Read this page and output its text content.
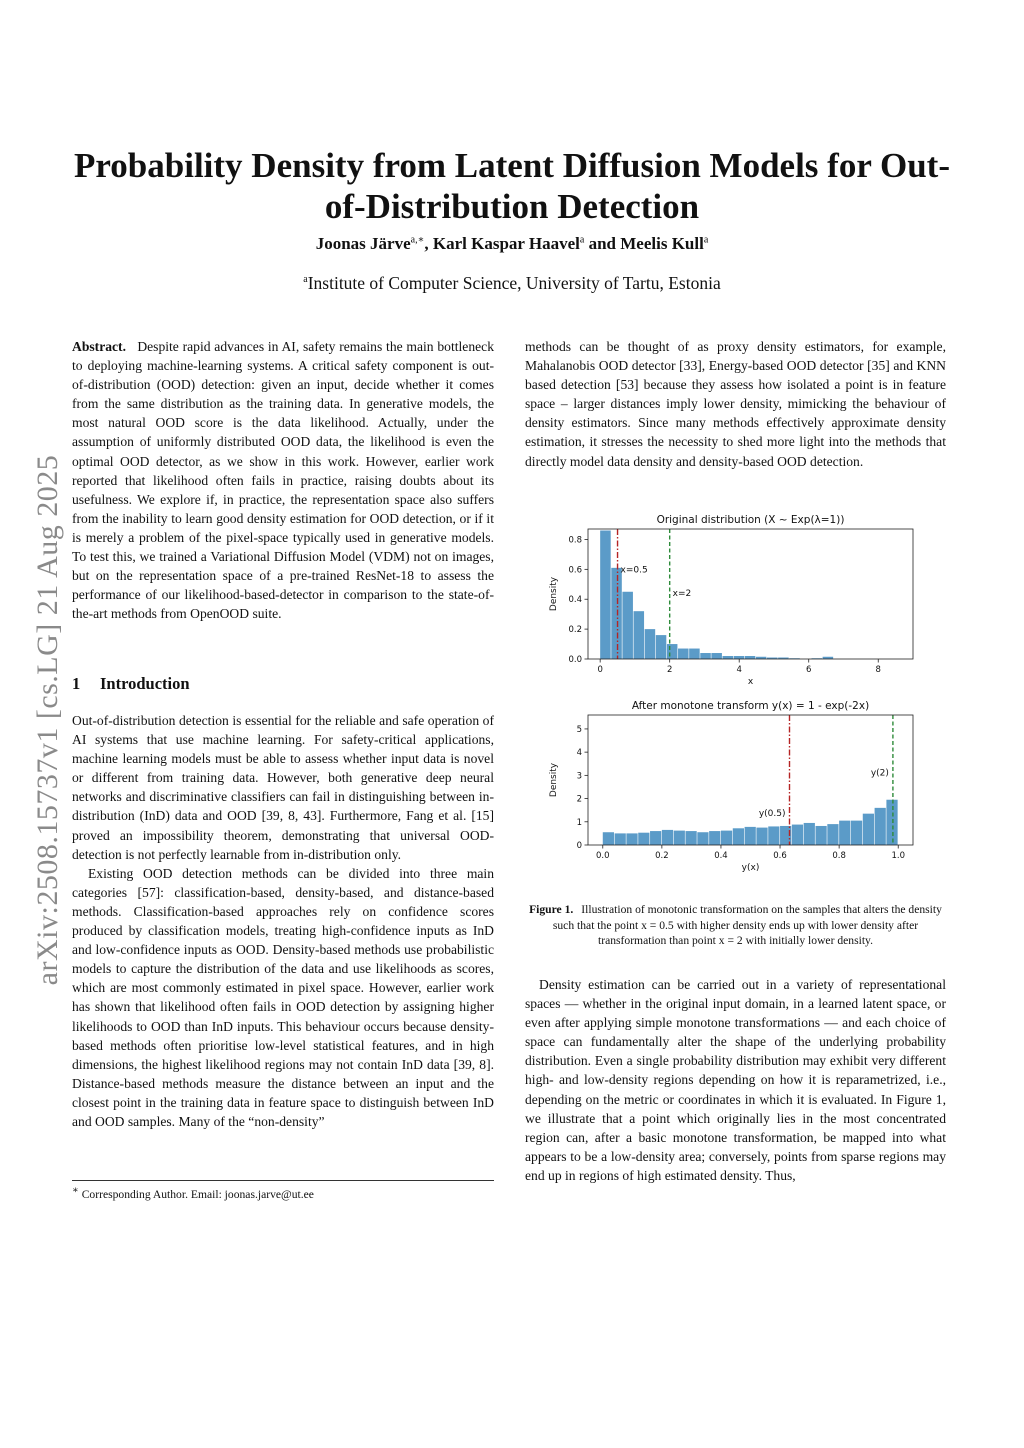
arXiv:2508.15737v1 [cs.LG] 21 Aug 2025
Probability Density from Latent Diffusion Models for Out-of-Distribution Detection
Joonas Järve$^{a,∗}$, Karl Kaspar Haavel$^a$ and Meelis Kull$^a$
$^a$Institute of Computer Science, University of Tartu, Estonia

Abstract. Despite rapid advances in AI, safety remains the main bottleneck to deploying machine-learning systems. A critical safety component is out-of-distribution (OOD) detection: given an input, decide whether it comes from the same distribution as the training data. In generative models, the most natural OOD score is the data likelihood. Actually, under the assumption of uniformly distributed OOD data, the likelihood is even the optimal OOD detector, as we show in this work. However, earlier work reported that likelihood often fails in practice, raising doubts about its usefulness. We explore if, in practice, the representation space also suffers from the inability to learn good density estimation for OOD detection, or if it is merely a problem of the pixel-space typically used in generative models. To test this, we trained a Variational Diffusion Model (VDM) not on images, but on the representation space of a pre-trained ResNet-18 to assess the performance of our likelihood-based-detector in comparison to the state-of-the-art methods from OpenOOD suite.

1 Introduction

Out-of-distribution detection is essential for the reliable and safe operation of AI systems that use machine learning. For safety-critical applications, machine learning models must be able to assess whether input data is novel or different from training data. However, both generative deep neural networks and discriminative classifiers can fail in distinguishing between in-distribution (InD) data and OOD [39, 8, 43]. Furthermore, Fang et al. [15] proved an impossibility theorem, demonstrating that universal OOD-detection is not perfectly learnable from in-distribution only.

Existing OOD detection methods can be divided into three main categories [57]: classification-based, density-based, and distance-based methods. Classification-based approaches rely on confidence scores produced by classification models, treating high-confidence inputs as InD and low-confidence inputs as OOD. Density-based methods use probabilistic models to capture the distribution of the data and use likelihoods as scores, which are most commonly estimated in pixel space. However, earlier work has shown that likelihood often fails in OOD detection by assigning higher likelihoods to OOD than InD inputs. This behaviour occurs because density-based methods often prioritise low-level statistical features, and in high dimensions, the highest likelihood regions may not contain InD data [39, 8]. Distance-based methods measure the distance between an input and the closest point in the training data in feature space to distinguish between InD and OOD samples. Many of the “non-density”

∗ Corresponding Author. Email: joonas.jarve@ut.ee

methods can be thought of as proxy density estimators, for example, Mahalanobis OOD detector [33], Energy-based OOD detector [35] and KNN based detection [53] because they assess how isolated a point is in feature space – larger distances imply lower density, mimicking the behaviour of density estimators. Since many methods effectively approximate density estimation, it stresses the necessity to shed more light into the methods that directly model data density and density-based OOD detection.

Original distribution (X ~ Exp(λ=1))
x=0.5
x=2
0	2	4	6	8
0.0
0.2
0.4
0.6
0.8
x
Density
After monotone transform y(x) = 1 - exp(-2x)
y(0.5)
y(2)
0.0	0.2	0.4	0.6	0.8	1.0
0
1
2
3
4
5
y(x)
Density
Figure 1. Illustration of monotonic transformation on the samples that alters the density such that the point x = 0.5 with higher density ends up with lower density after transformation than point x = 2 with initially lower density.

Density estimation can be carried out in a variety of representational spaces — whether in the original input domain, in a learned latent space, or even after applying simple monotone transformations — and each choice of space can fundamentally alter the shape of the underlying probability distribution. Even a single probability distribution may exhibit very different high- and low-density regions depending on how it is reparametrized, i.e., depending on the metric or coordinates in which it is evaluated. In Figure 1, we illustrate that a point which originally lies in the most concentrated region can, after a basic monotone transformation, be mapped into what appears to be a low-density area; conversely, points from sparse regions may end up in regions of high estimated density. Thus,
